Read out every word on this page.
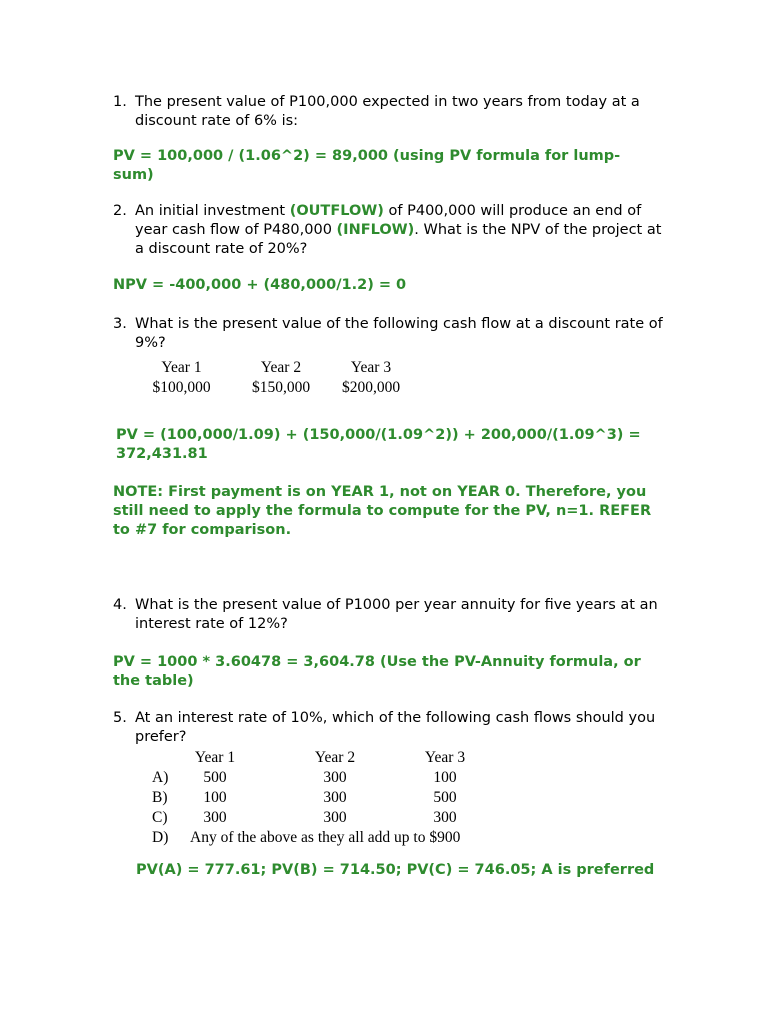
1. The present value of P100,000 expected in two years from today at a discount rate of 6% is:
PV = 100,000 / (1.06^2) = 89,000 (using PV formula for lump-sum)
2. An initial investment (OUTFLOW) of P400,000 will produce an end of year cash flow of P480,000 (INFLOW). What is the NPV of the project at a discount rate of 20%?
NPV = -400,000 + (480,000/1.2) = 0
3. What is the present value of the following cash flow at a discount rate of 9%?
Year 1	Year 2	Year 3
$100,000	$150,000	$200,000
PV = (100,000/1.09) + (150,000/(1.09^2)) + 200,000/(1.09^3) = 372,431.81
NOTE: First payment is on YEAR 1, not on YEAR 0. Therefore, you still need to apply the formula to compute for the PV, n=1. REFER to #7 for comparison.
4. What is the present value of P1000 per year annuity for five years at an interest rate of 12%?
PV = 1000 * 3.60478 = 3,604.78 (Use the PV-Annuity formula, or the table)
5. At an interest rate of 10%, which of the following cash flows should you prefer?
	Year 1	Year 2	Year 3
A)	500	300	100
B)	100	300	500
C)	300	300	300
D)	Any of the above as they all add up to $900		
PV(A) = 777.61; PV(B) = 714.50; PV(C) = 746.05; A is preferred
